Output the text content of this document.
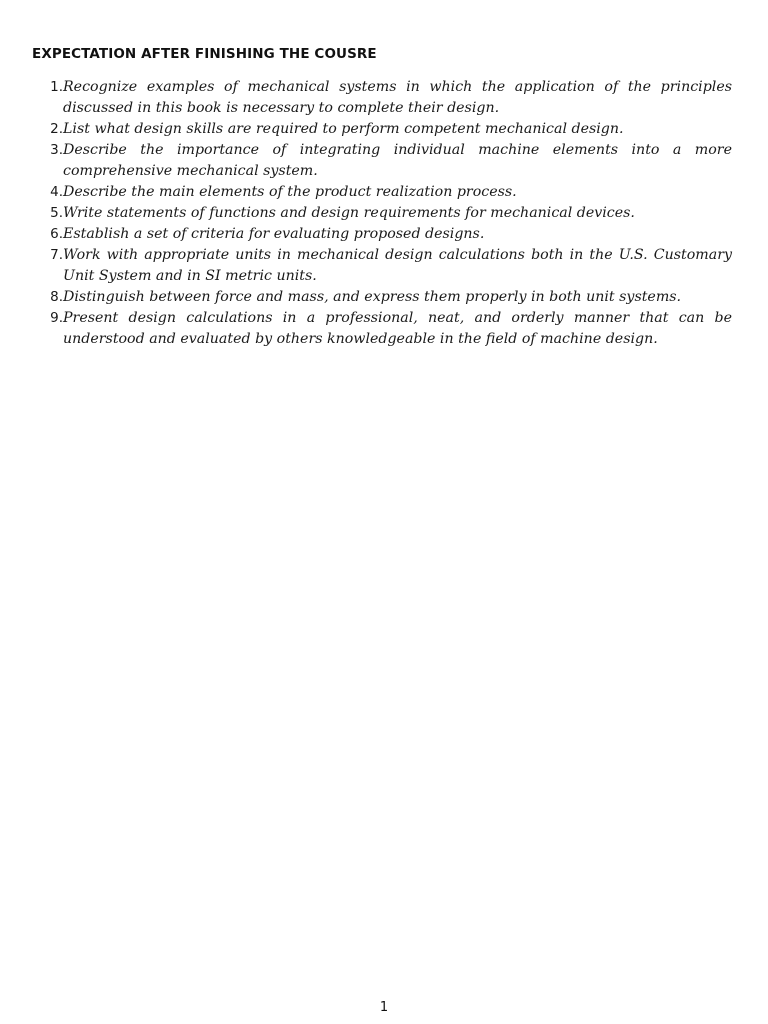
EXPECTATION AFTER FINISHING THE COUSRE
1. Recognize examples of mechanical systems in which the application of the principles discussed in this book is necessary to complete their design.
2. List what design skills are required to perform competent mechanical design.
3. Describe the importance of integrating individual machine elements into a more comprehensive mechanical system.
4. Describe the main elements of the product realization process.
5. Write statements of functions and design requirements for mechanical devices.
6. Establish a set of criteria for evaluating proposed designs.
7. Work with appropriate units in mechanical design calculations both in the U.S. Customary Unit System and in SI metric units.
8. Distinguish between force and mass, and express them properly in both unit systems.
9. Present design calculations in a professional, neat, and orderly manner that can be understood and evaluated by others knowledgeable in the field of machine design.
1
